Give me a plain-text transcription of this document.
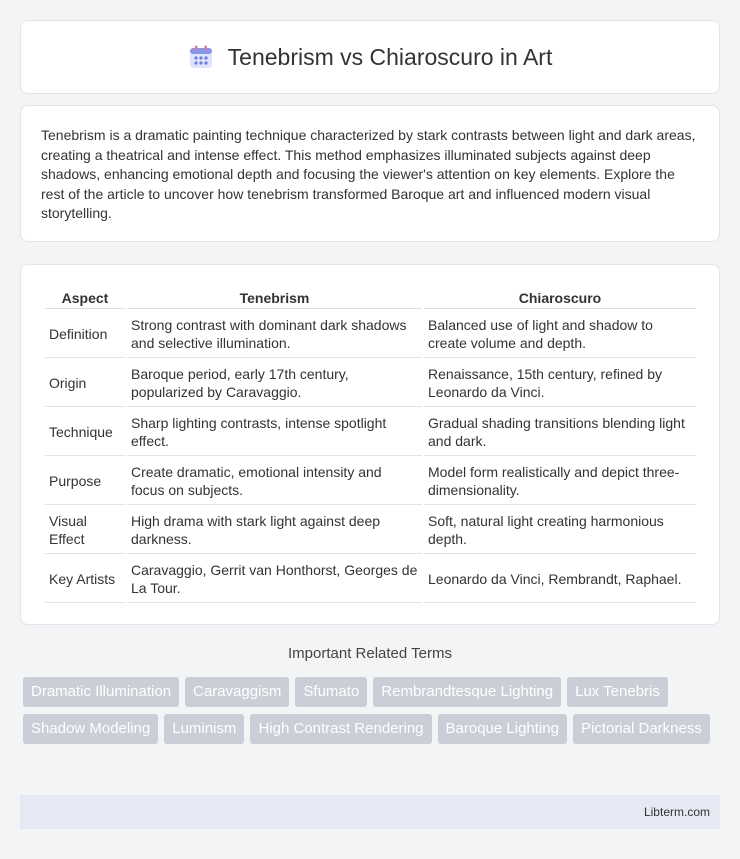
Tenebrism vs Chiaroscuro in Art

Tenebrism is a dramatic painting technique characterized by stark contrasts between light and dark areas, creating a theatrical and intense effect. This method emphasizes illuminated subjects against deep shadows, enhancing emotional depth and focusing the viewer's attention on key elements. Explore the rest of the article to uncover how tenebrism transformed Baroque art and influenced modern visual storytelling.

Aspect	Tenebrism	Chiaroscuro
Definition	Strong contrast with dominant dark shadows and selective illumination.	Balanced use of light and shadow to create volume and depth.
Origin	Baroque period, early 17th century, popularized by Caravaggio.	Renaissance, 15th century, refined by Leonardo da Vinci.
Technique	Sharp lighting contrasts, intense spotlight effect.	Gradual shading transitions blending light and dark.
Purpose	Create dramatic, emotional intensity and focus on subjects.	Model form realistically and depict three-dimensionality.
Visual Effect	High drama with stark light against deep darkness.	Soft, natural light creating harmonious depth.
Key Artists	Caravaggio, Gerrit van Honthorst, Georges de La Tour.	Leonardo da Vinci, Rembrandt, Raphael.
Important Related Terms
Dramatic Illumination	Caravaggism	Sfumato	Rembrandtesque Lighting	Lux Tenebris
Shadow Modeling	Luminism	High Contrast Rendering	Baroque Lighting	Pictorial Darkness
Libterm.com
